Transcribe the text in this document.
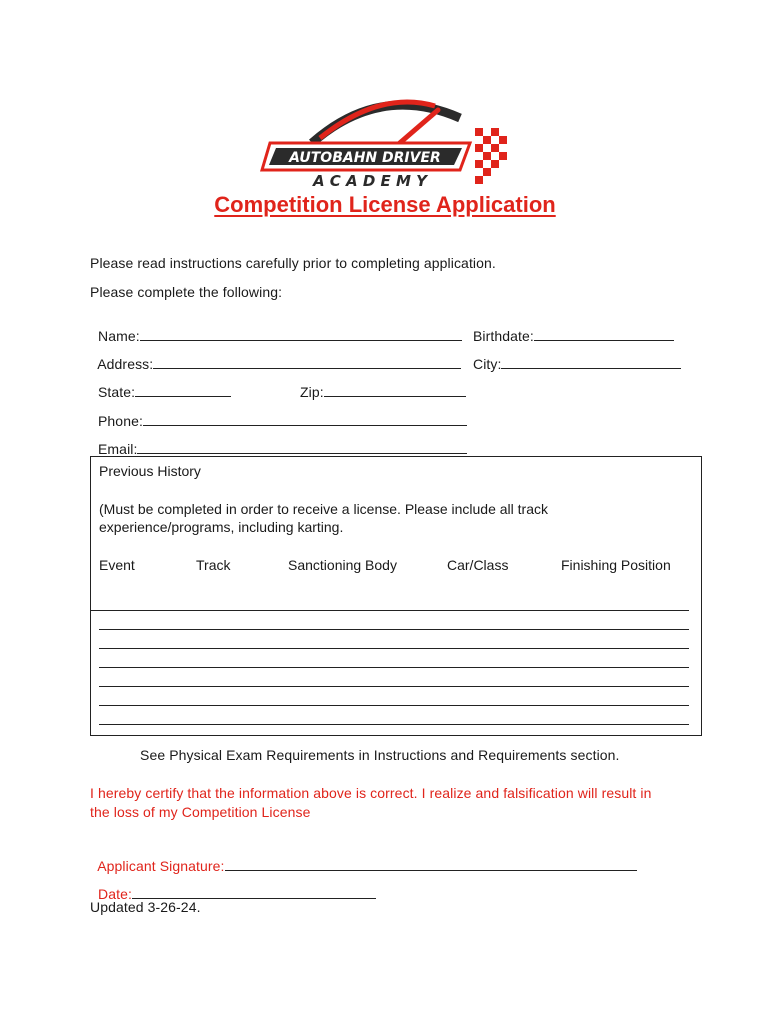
AUTOBAHN DRIVER
A C A D E M Y
Competition License Application
Please read instructions carefully prior to completing application.
Please complete the following:

Name:	Birthdate:

Address:	City:

State:	Zip:

Phone:

Email:

Previous History
(Must be completed in order to receive a license. Please include all track
experience/programs, including karting.
Event	Track	Sanctioning Body	Car/Class	Finishing Position
See Physical Exam Requirements in Instructions and Requirements section.
I hereby certify that the information above is correct. I realize and falsification will result in
the loss of my Competition License

Applicant Signature:

Date:

Updated 3-26-24.
